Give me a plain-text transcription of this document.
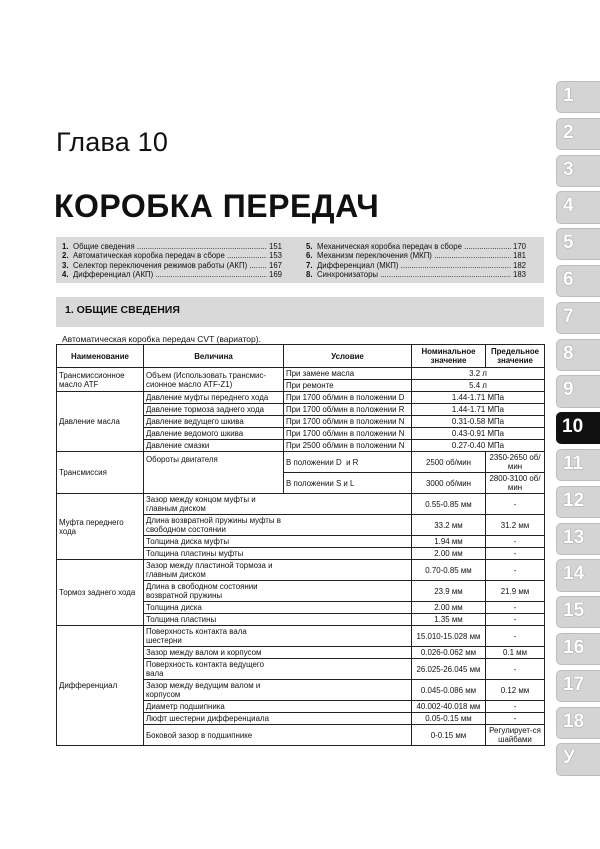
Глава 10
КОРОБКА ПЕРЕДАЧ
1. Общие сведения .....	151
2. Автоматическая коробка передач в сборе .....	153
3. Селектор переключения режимов работы (АКП) .....	167
4. Дифференциал (АКП) .....	169
5. Механическая коробка передач в сборе .....	170
6. Механизм переключения (МКП) .....	181
7. Дифференциал (МКП) .....	182
8. Синхронизаторы .....	183
1. ОБЩИЕ СВЕДЕНИЯ
Автоматическая коробка передач CVT (вариатор).
Наименование	Величина	Условие	Номинальное значение	Предельное значение
Трансмиссионное масло ATF	Объем (Использовать трансмис-сионное масло ATF-Z1)	При замене масла	3.2 л	
		При ремонте	5.4 л	
Давление масла	Давление муфты переднего хода	При 1700 об/мин в положении D	1.44-1.71 МПа	
	Давление тормоза заднего хода	При 1700 об/мин в положении R	1.44-1.71 МПа	
	Давление ведущего шкива	При 1700 об/мин в положении N	0.31-0.58 МПа	
	Давление ведомого шкива	При 1700 об/мин в положении N	0.43-0.91 МПа	
	Давление смазки	При 2500 об/мин в положении N	0.27-0.40 МПа	
Трансмиссия	Обороты двигателя	В положении D и R	2500 об/мин	2350-2650 об/мин
		В положении S и L	3000 об/мин	2800-3100 об/мин
Муфта переднего хода	Зазор между концом муфты и главным диском		0.55-0.85 мм	-

	Длина возвратной пружины муфты в свободном состоянии		33.2 мм	31.2 мм
	Толщина диска муфты		1.94 мм	-
	Толщина пластины муфты		2.00 мм	-
Тормоз заднего хода	Зазор между пластиной тормоза и главным диском		0.70-0.85 мм	-

	Длина в свободном состоянии возвратной пружины		23.9 мм	21.9 мм
	Толщина диска		2.00 мм	-
	Толщина пластины		1.35 мм	-
Дифференциал	Поверхность контакта вала шестерни		15.010-15.028 мм	-
	Зазор между валом и корпусом		0.026-0.062 мм	0.1 мм

	Поверхность контакта ведущего вала		26.025-26.045 мм	-

	Зазор между ведущим валом и корпусом		0.045-0.086 мм	0.12 мм
	Диаметр подшипника		40.002-40.018 мм	-
	Люфт шестерни дифференциала		0.05-0.15 мм	-
	Боковой зазор в подшипнике		0-0.15 мм	Регулирует-ся шайбами
1
2
3
4
5
6
7
8
9
10
11
12
13
14
15
16
17
18
У
